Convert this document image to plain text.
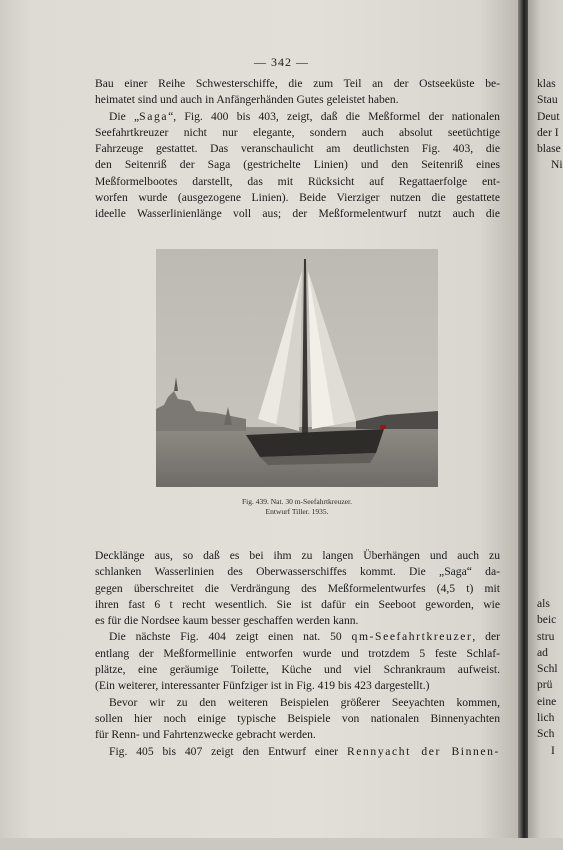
— 342 —

Bau einer Reihe Schwesterschiffe, die zum Teil an der Ostseeküste be-

heimatet sind und auch in Anfängerhänden Gutes geleistet haben.

Die „Saga“, Fig. 400 bis 403, zeigt, daß die Meßformel der nationalen

Seefahrtkreuzer nicht nur elegante, sondern auch absolut seetüchtige

Fahrzeuge gestattet. Das veranschaulicht am deutlichsten Fig. 403, die

den Seitenriß der Saga (gestrichelte Linien) und den Seitenriß eines

Meßformelbootes darstellt, das mit Rücksicht auf Regattaerfolge ent-

worfen wurde (ausgezogene Linien). Beide Vierziger nutzen die gestattete

ideelle Wasserlinienlänge voll aus; der Meßformelentwurf nutzt auch die

Fig. 439. Nat. 30 m-Seefahrtkreuzer.
Entwurf Tiller. 1935.

Decklänge aus, so daß es bei ihm zu langen Überhängen und auch zu

schlanken Wasserlinien des Oberwasserschiffes kommt. Die „Saga“ da-

gegen überschreitet die Verdrängung des Meßformelentwurfes (4,5 t) mit

ihren fast 6 t recht wesentlich. Sie ist dafür ein Seeboot geworden, wie

es für die Nordsee kaum besser geschaffen werden kann.

Die nächste Fig. 404 zeigt einen nat. 50 qm-Seefahrtkreuzer, der

entlang der Meßformellinie entworfen wurde und trotzdem 5 feste Schlaf-

plätze, eine geräumige Toilette, Küche und viel Schrankraum aufweist.

(Ein weiterer, interessanter Fünfziger ist in Fig. 419 bis 423 dargestellt.)

Bevor wir zu den weiteren Beispielen größerer Seeyachten kommen,

sollen hier noch einige typische Beispiele von nationalen Binnenyachten

für Renn- und Fahrtenzwecke gebracht werden.

Fig. 405 bis 407 zeigt den Entwurf einer Rennyacht der Binnen-

klas
Stau
Deut
der I
blase
Ni
als
beic
stru
ad
Schl
prü
eine
lich
Sch
I
